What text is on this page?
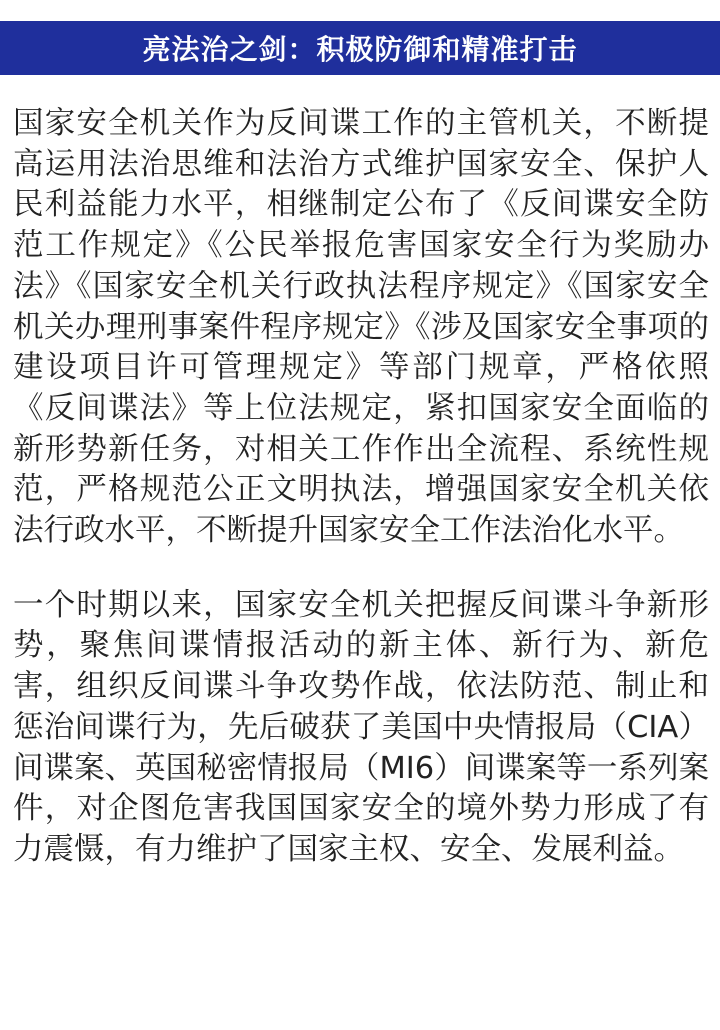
亮法治之剑：积极防御和精准打击

国家安全机关作为反间谍工作的主管机关，不断提高运用法治思维和法治方式维护国家安全、保护人民利益能力水平，相继制定公布了《反间谍安全防范工作规定》《公民举报危害国家安全行为奖励办法》《国家安全机关行政执法程序规定》《国家安全机关办理刑事案件程序规定》《涉及国家安全事项的建设项目许可管理规定》等部门规章，严格依照《反间谍法》等上位法规定，紧扣国家安全面临的新形势新任务，对相关工作作出全流程、系统性规范，严格规范公正文明执法，增强国家安全机关依法行政水平，不断提升国家安全工作法治化水平。

一个时期以来，国家安全机关把握反间谍斗争新形势，聚焦间谍情报活动的新主体、新行为、新危害，组织反间谍斗争攻势作战，依法防范、制止和惩治间谍行为，先后破获了美国中央情报局（CIA）间谍案、英国秘密情报局（MI6）间谍案等一系列案件，对企图危害我国国家安全的境外势力形成了有力震慑，有力维护了国家主权、安全、发展利益。
